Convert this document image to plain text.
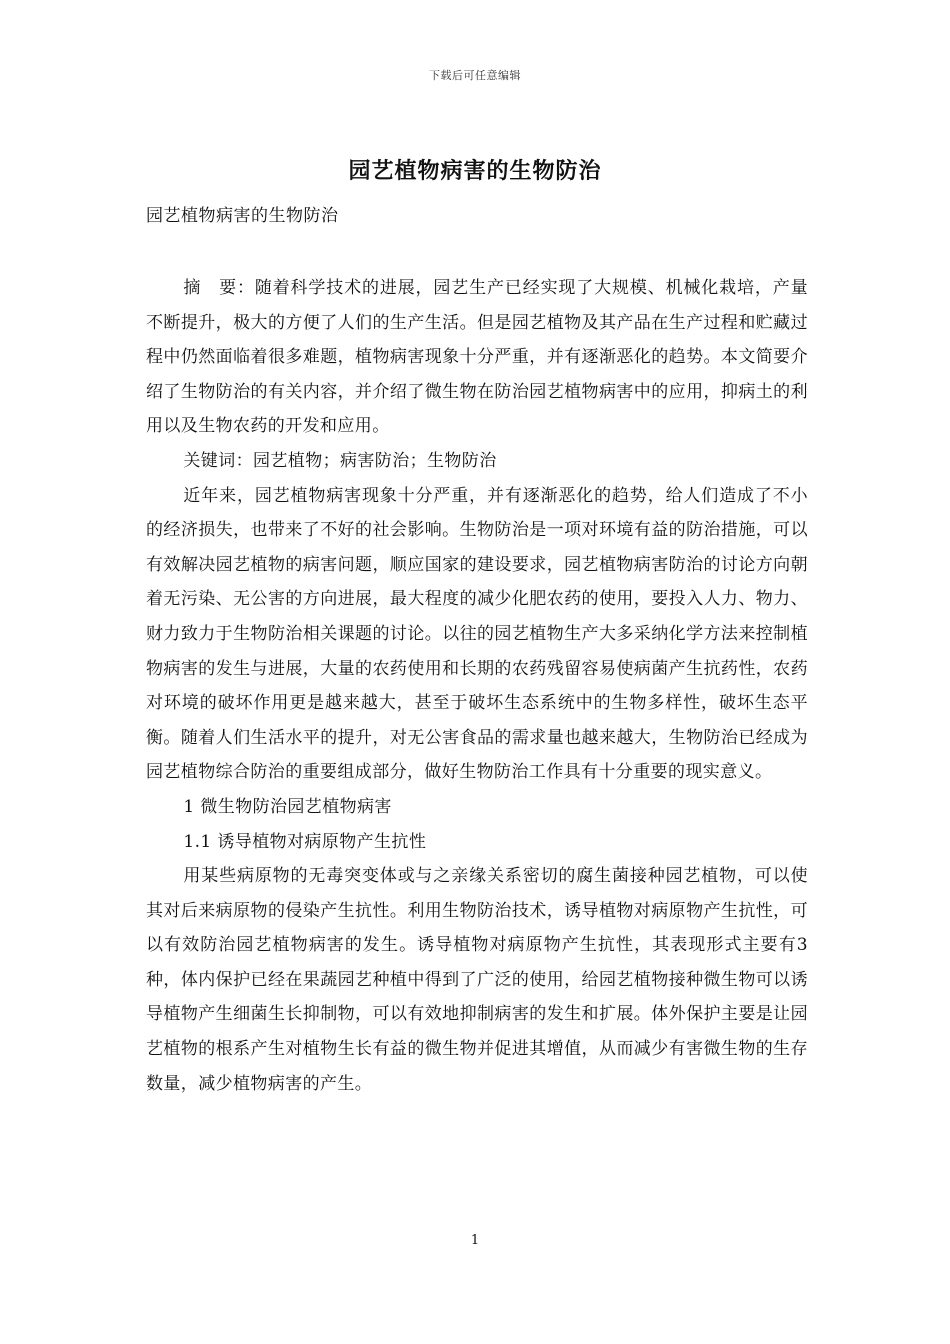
下载后可任意编辑
园艺植物病害的生物防治
园艺植物病害的生物防治

摘　要：随着科学技术的进展，园艺生产已经实现了大规模、机械化栽培，产量不断提升，极大的方便了人们的生产生活。但是园艺植物及其产品在生产过程和贮藏过程中仍然面临着很多难题，植物病害现象十分严重，并有逐渐恶化的趋势。本文简要介绍了生物防治的有关内容，并介绍了微生物在防治园艺植物病害中的应用，抑病土的利用以及生物农药的开发和应用。

关键词：园艺植物；病害防治；生物防治

近年来，园艺植物病害现象十分严重，并有逐渐恶化的趋势，给人们造成了不小的经济损失，也带来了不好的社会影响。生物防治是一项对环境有益的防治措施，可以有效解决园艺植物的病害问题，顺应国家的建设要求，园艺植物病害防治的讨论方向朝着无污染、无公害的方向进展，最大程度的减少化肥农药的使用，要投入人力、物力、财力致力于生物防治相关课题的讨论。以往的园艺植物生产大多采纳化学方法来控制植物病害的发生与进展，大量的农药使用和长期的农药残留容易使病菌产生抗药性，农药对环境的破坏作用更是越来越大，甚至于破坏生态系统中的生物多样性，破坏生态平衡。随着人们生活水平的提升，对无公害食品的需求量也越来越大，生物防治已经成为园艺植物综合防治的重要组成部分，做好生物防治工作具有十分重要的现实意义。

1 微生物防治园艺植物病害

1.1 诱导植物对病原物产生抗性

用某些病原物的无毒突变体或与之亲缘关系密切的腐生菌接种园艺植物，可以使其对后来病原物的侵染产生抗性。利用生物防治技术，诱导植物对病原物产生抗性，可以有效防治园艺植物病害的发生。诱导植物对病原物产生抗性，其表现形式主要有3种，体内保护已经在果蔬园艺种植中得到了广泛的使用，给园艺植物接种微生物可以诱导植物产生细菌生长抑制物，可以有效地抑制病害的发生和扩展。体外保护主要是让园艺植物的根系产生对植物生长有益的微生物并促进其增值，从而减少有害微生物的生存数量，减少植物病害的产生。

1
